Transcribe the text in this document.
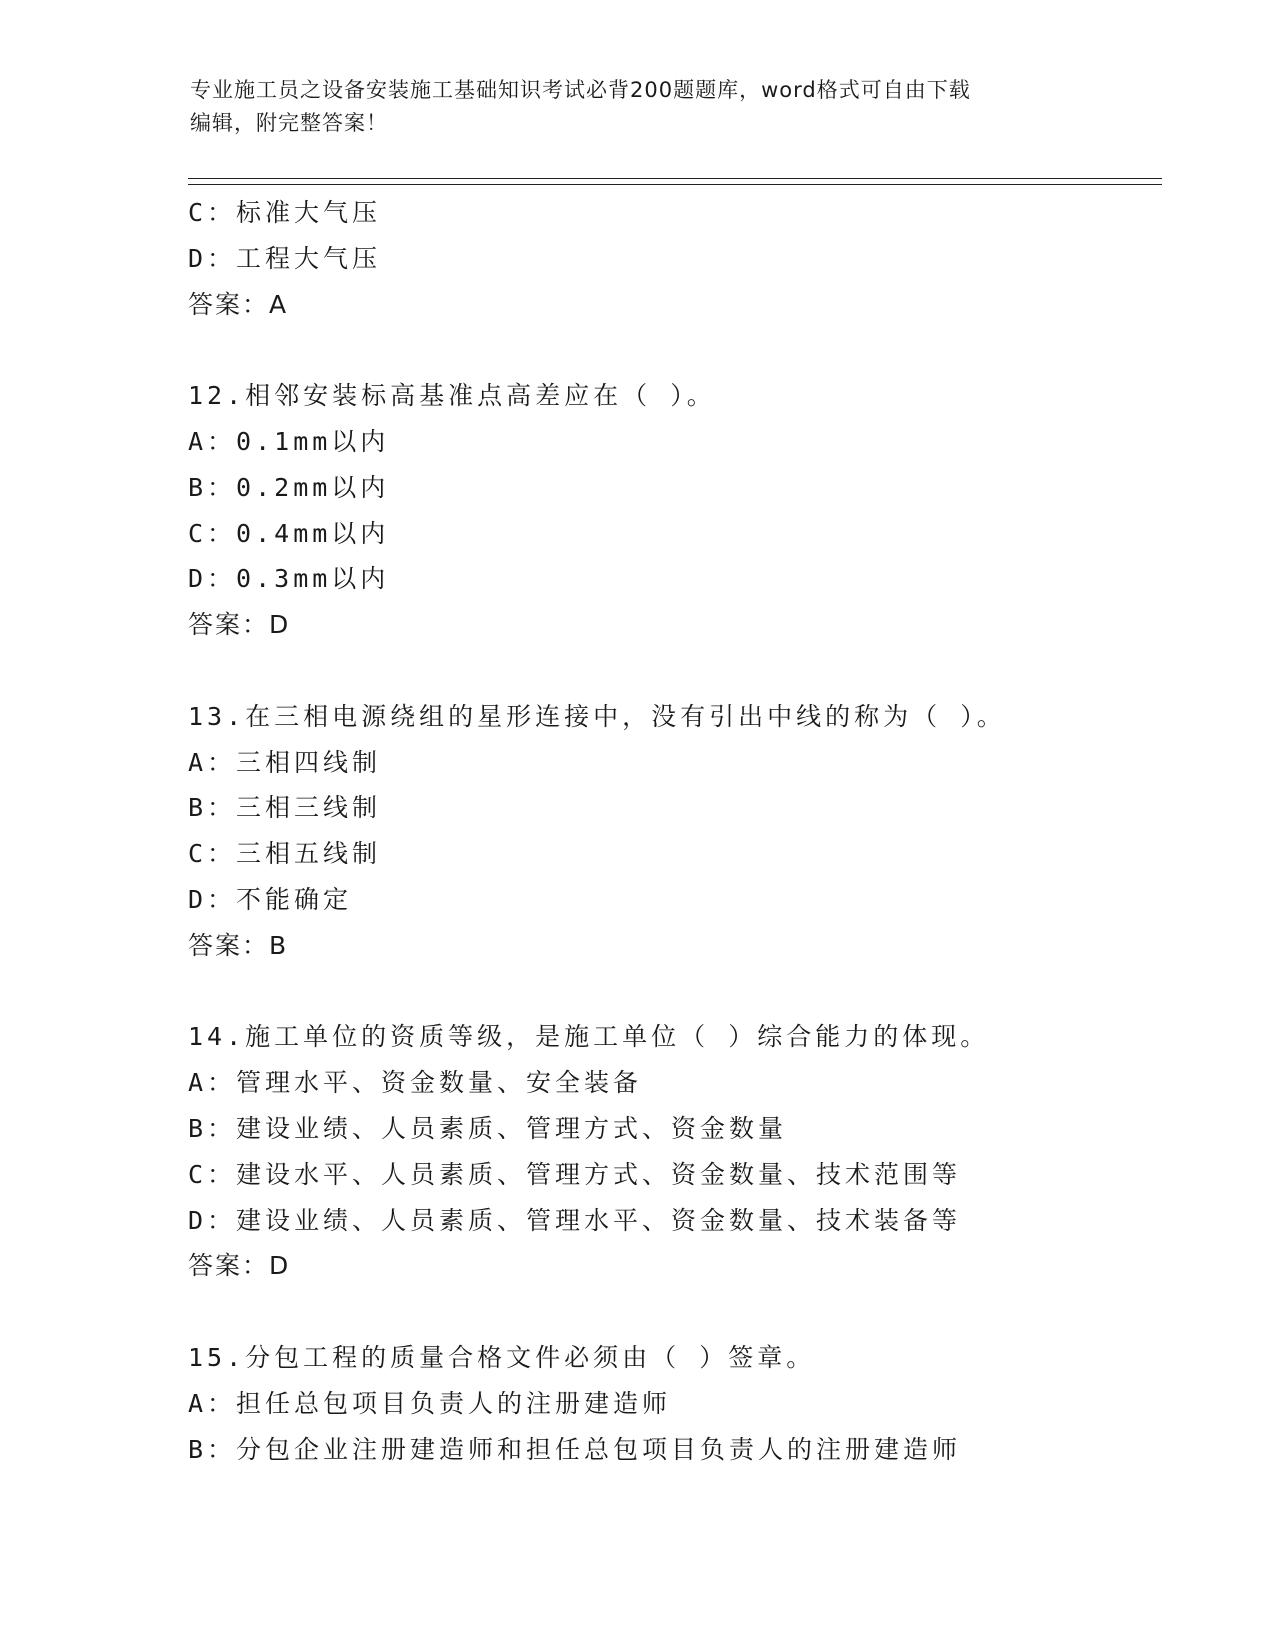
专业施工员之设备安装施工基础知识考试必背200题题库，word格式可自由下载
编辑，附完整答案！
C：标准大气压
D：工程大气压
答案：A
12.相邻安装标高基准点高差应在（ ）。
A：0.1mm以内
B：0.2mm以内
C：0.4mm以内
D：0.3mm以内
答案：D
13.在三相电源绕组的星形连接中，没有引出中线的称为（ ）。
A：三相四线制
B：三相三线制
C：三相五线制
D：不能确定
答案：B
14.施工单位的资质等级，是施工单位（ ）综合能力的体现。
A：管理水平、资金数量、安全装备
B：建设业绩、人员素质、管理方式、资金数量
C：建设水平、人员素质、管理方式、资金数量、技术范围等
D：建设业绩、人员素质、管理水平、资金数量、技术装备等
答案：D
15.分包工程的质量合格文件必须由（ ）签章。
A：担任总包项目负责人的注册建造师
B：分包企业注册建造师和担任总包项目负责人的注册建造师
